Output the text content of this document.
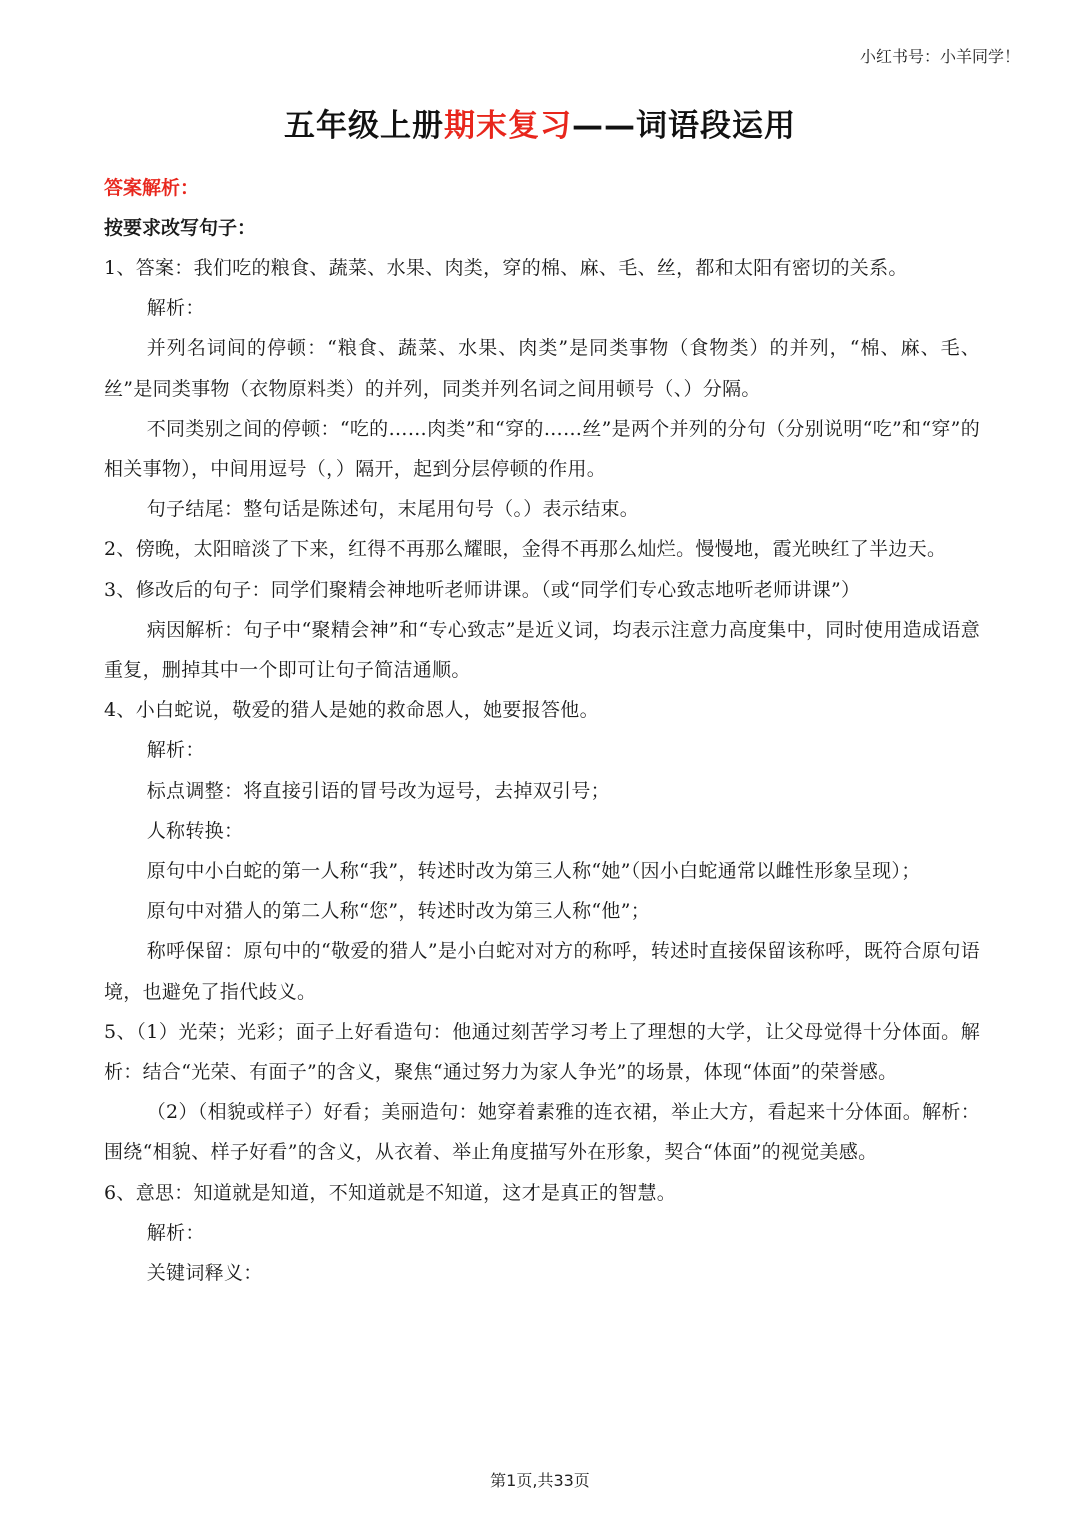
小红书号：小羊同学！
五年级上册期末复习——词语段运用
答案解析：
按要求改写句子：
1、答案：我们吃的粮食、蔬菜、水果、肉类，穿的棉、麻、毛、丝，都和太阳有密切的关系。
解析：
并列名词间的停顿：“粮食、蔬菜、水果、肉类”是同类事物（食物类）的并列，“棉、麻、毛、丝”是同类事物（衣物原料类）的并列，同类并列名词之间用顿号（、）分隔。
不同类别之间的停顿：“吃的……肉类”和“穿的……丝”是两个并列的分句（分别说明“吃”和“穿”的相关事物），中间用逗号（，）隔开，起到分层停顿的作用。
句子结尾：整句话是陈述句，末尾用句号（。）表示结束。
2、傍晚，太阳暗淡了下来，红得不再那么耀眼，金得不再那么灿烂。慢慢地，霞光映红了半边天。
3、修改后的句子：同学们聚精会神地听老师讲课。（或“同学们专心致志地听老师讲课”）
病因解析：句子中“聚精会神”和“专心致志”是近义词，均表示注意力高度集中，同时使用造成语意重复，删掉其中一个即可让句子简洁通顺。
4、小白蛇说，敬爱的猎人是她的救命恩人，她要报答他。
解析：
标点调整：将直接引语的冒号改为逗号，去掉双引号；
人称转换：
原句中小白蛇的第一人称“我”，转述时改为第三人称“她”（因小白蛇通常以雌性形象呈现）；
原句中对猎人的第二人称“您”，转述时改为第三人称“他”；
称呼保留：原句中的“敬爱的猎人”是小白蛇对对方的称呼，转述时直接保留该称呼，既符合原句语境，也避免了指代歧义。
5、（1）光荣；光彩；面子上好看造句：他通过刻苦学习考上了理想的大学，让父母觉得十分体面。解析：结合“光荣、有面子”的含义，聚焦“通过努力为家人争光”的场景，体现“体面”的荣誉感。
（2）（相貌或样子）好看；美丽造句：她穿着素雅的连衣裙，举止大方，看起来十分体面。解析：围绕“相貌、样子好看”的含义，从衣着、举止角度描写外在形象，契合“体面”的视觉美感。
6、意思：知道就是知道，不知道就是不知道，这才是真正的智慧。
解析：
关键词释义：
第1页,共33页
